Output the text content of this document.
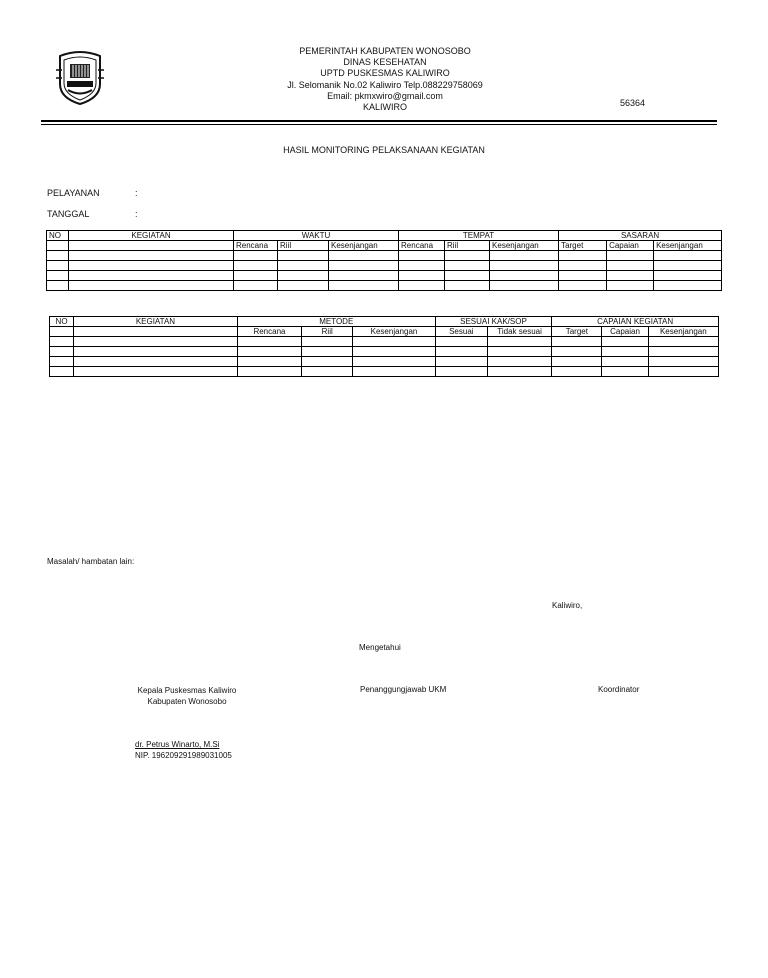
PEMERINTAH KABUPATEN WONOSOBO
DINAS KESEHATAN
UPTD PUSKESMAS KALIWIRO
Jl. Selomanik No.02 Kaliwiro Telp.088229758069
Email: pkmxwiro@gmail.com
KALIWIRO	56364
HASIL MONITORING PELAKSANAAN KEGIATAN
PELAYANAN	:
TANGGAL	:
NO	KEGIATAN	WAKTU			TEMPAT			SASARAN		
		Rencana	Riil	Kesenjangan	Rencana	Riil	Kesenjangan	Target	Capaian	Kesenjangan

NO	KEGIATAN	METODE			SESUAI KAK/SOP		CAPAIAN KEGIATAN		
		Rencana	Riil	Kesenjangan	Sesuai	Tidak sesuai	Target	Capaian	Kesenjangan

Masalah/ hambatan lain:
Kaliwiro,
Mengetahui
Kepala Puskesmas Kaliwiro
Kabupaten Wonosobo
Penanggungjawab UKM	Koordinator
dr. Petrus Winarto, M.Si
NIP. 196209291989031005
